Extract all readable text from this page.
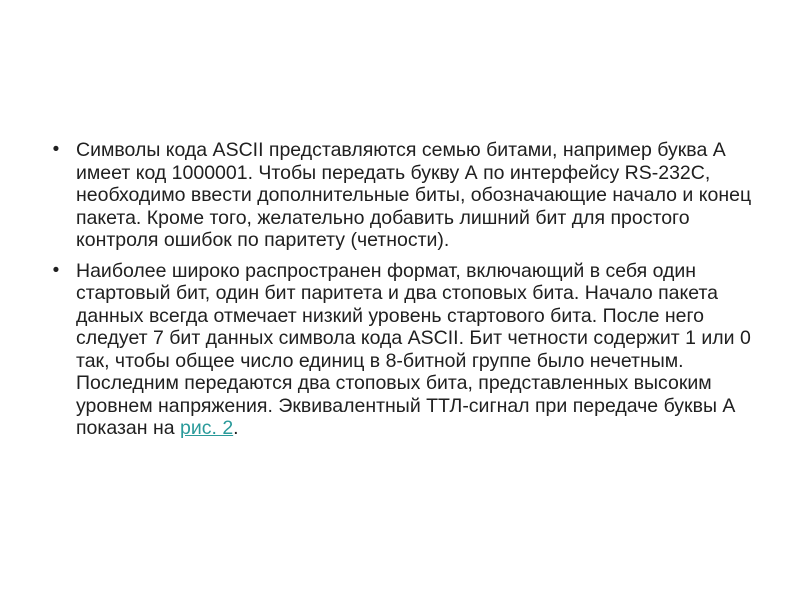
• Символы кода ASCII представляются семью битами, например буква А имеет код 1000001. Чтобы передать букву А по интерфейсу RS-232C, необходимо ввести дополнительные биты, обозначающие начало и конец пакета. Кроме того, желательно добавить лишний бит для простого контроля ошибок по паритету (четности).
• Наиболее широко распространен формат, включающий в себя один стартовый бит, один бит паритета и два стоповых бита. Начало пакета данных всегда отмечает низкий уровень стартового бита. После него следует 7 бит данных символа кода ASCII. Бит четности содержит 1 или 0 так, чтобы общее число единиц в 8-битной группе было нечетным. Последним передаются два стоповых бита, представленных высоким уровнем напряжения. Эквивалентный ТТЛ-сигнал при передаче буквы А показан на рис. 2.
